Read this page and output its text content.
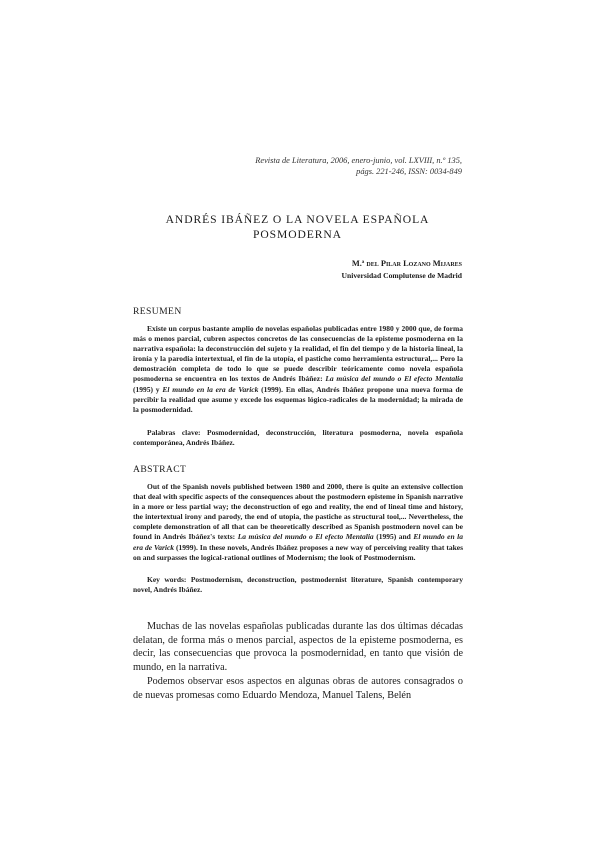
Revista de Literatura, 2006, enero-junio, vol. LXVIII, n.º 135,
págs. 221-246, ISSN: 0034-849
ANDRÉS IBÁÑEZ O LA NOVELA ESPAÑOLA
POSMODERNA
M.ª del Pilar Lozano Mijares
Universidad Complutense de Madrid
RESUMEN

Existe un corpus bastante amplio de novelas españolas publicadas entre 1980 y 2000 que, de forma más o menos parcial, cubren aspectos concretos de las consecuencias de la episteme posmoderna en la narrativa española: la deconstrucción del sujeto y la realidad, el fin del tiempo y de la historia lineal, la ironía y la parodia intertextual, el fin de la utopía, el pastiche como herramienta estructural,... Pero la demostración completa de todo lo que se puede describir teóricamente como novela española posmoderna se encuentra en los textos de Andrés Ibáñez: La música del mundo o El efecto Mentalia (1995) y El mundo en la era de Varick (1999). En ellas, Andrés Ibáñez propone una nueva forma de percibir la realidad que asume y excede los esquemas lógico-radicales de la modernidad; la mirada de la posmodernidad.

Palabras clave: Posmodernidad, deconstrucción, literatura posmoderna, novela española contemporánea, Andrés Ibáñez.

ABSTRACT

Out of the Spanish novels published between 1980 and 2000, there is quite an extensive collection that deal with specific aspects of the consequences about the postmodern episteme in Spanish narrative in a more or less partial way; the deconstruction of ego and reality, the end of lineal time and history, the intertextual irony and parody, the end of utopia, the pastiche as structural tool,... Nevertheless, the complete demonstration of all that can be theoretically described as Spanish postmodern novel can be found in Andrés Ibáñez's texts: La música del mundo o El efecto Mentalia (1995) and El mundo en la era de Varick (1999). In these novels, Andrés Ibáñez proposes a new way of perceiving reality that takes on and surpasses the logical-rational outlines of Modernism; the look of Postmodernism.

Key words: Postmodernism, deconstruction, postmodernist literature, Spanish contemporary novel, Andrés Ibáñez.

Muchas de las novelas españolas publicadas durante las dos últimas décadas delatan, de forma más o menos parcial, aspectos de la episteme posmoderna, es decir, las consecuencias que provoca la posmodernidad, en tanto que visión de mundo, en la narrativa.

Podemos observar esos aspectos en algunas obras de autores consagrados o de nuevas promesas como Eduardo Mendoza, Manuel Talens, Belén
